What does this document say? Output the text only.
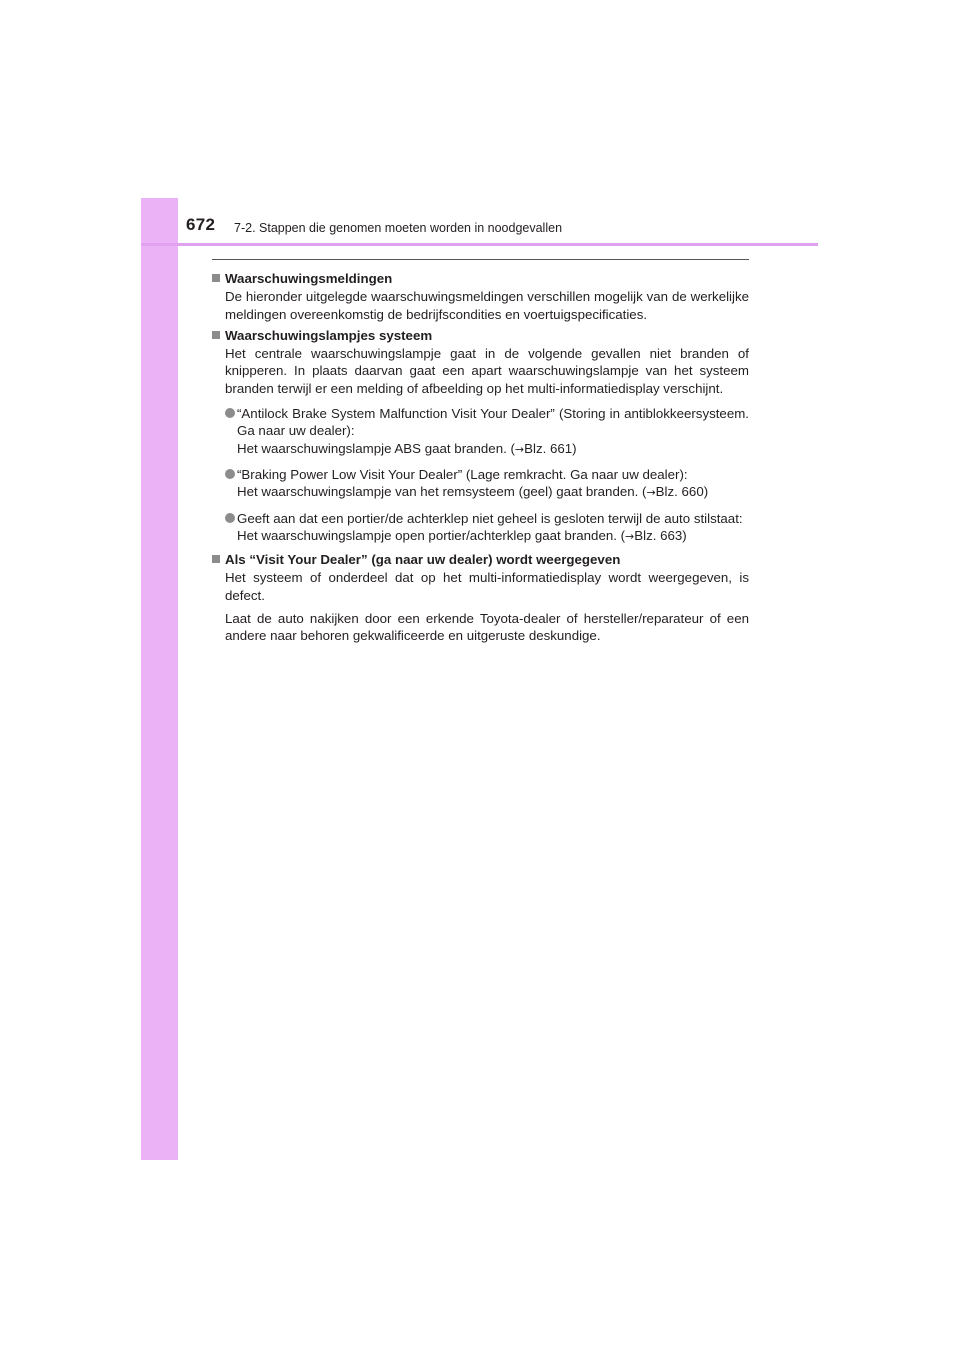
672 7-2. Stappen die genomen moeten worden in noodgevallen
Waarschuwingsmeldingen
De hieronder uitgelegde waarschuwingsmeldingen verschillen mogelijk van de werkelijke meldingen overeenkomstig de bedrijfscondities en voertuigspecificaties.
Waarschuwingslampjes systeem
Het centrale waarschuwingslampje gaat in de volgende gevallen niet branden of knipperen. In plaats daarvan gaat een apart waarschuwingslampje van het systeem branden terwijl er een melding of afbeelding op het multi-informatiedisplay verschijnt.
“Antilock Brake System Malfunction Visit Your Dealer” (Storing in antiblokkeersysteem. Ga naar uw dealer):
Het waarschuwingslampje ABS gaat branden. (→Blz. 661)
“Braking Power Low Visit Your Dealer” (Lage remkracht. Ga naar uw dealer):
Het waarschuwingslampje van het remsysteem (geel) gaat branden. (→Blz. 660)
Geeft aan dat een portier/de achterklep niet geheel is gesloten terwijl de auto stilstaat:
Het waarschuwingslampje open portier/achterklep gaat branden. (→Blz. 663)
Als “Visit Your Dealer” (ga naar uw dealer) wordt weergegeven
Het systeem of onderdeel dat op het multi-informatiedisplay wordt weergegeven, is defect.
Laat de auto nakijken door een erkende Toyota-dealer of hersteller/reparateur of een andere naar behoren gekwalificeerde en uitgeruste deskundige.
